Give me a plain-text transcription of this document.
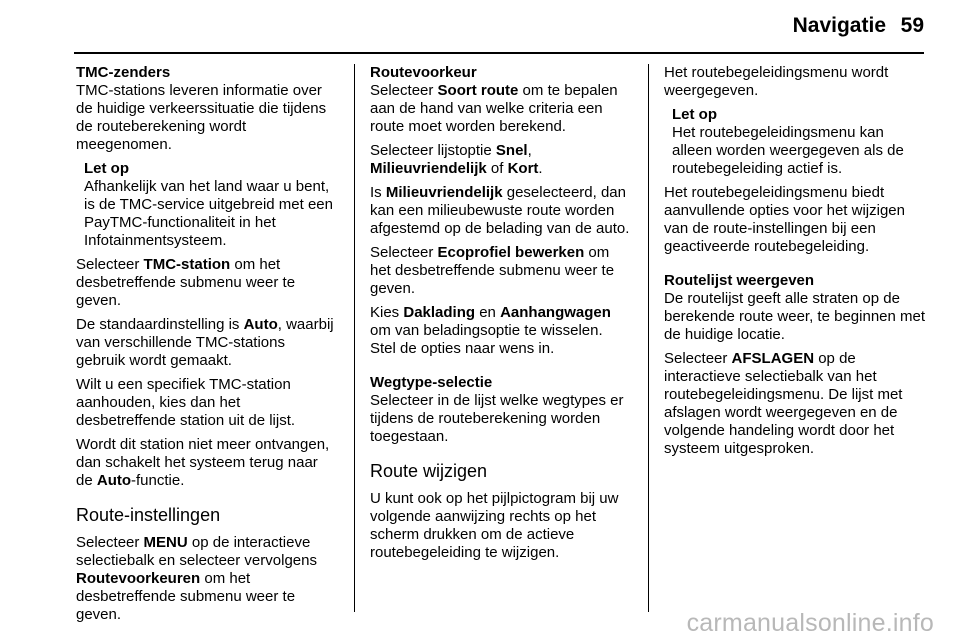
Navigatie 59

TMC-zenders
TMC-stations leveren informatie over de huidige verkeerssituatie die tijdens de routeberekening wordt meegenomen.

Let op
Afhankelijk van het land waar u bent, is de TMC-service uitgebreid met een PayTMC-functionaliteit in het Infotainmentsysteem.

Selecteer TMC-station om het desbetreffende submenu weer te geven.

De standaardinstelling is Auto, waarbij van verschillende TMC-stations gebruik wordt gemaakt.

Wilt u een specifiek TMC-station aanhouden, kies dan het desbetreffende station uit de lijst.

Wordt dit station niet meer ontvangen, dan schakelt het systeem terug naar de Auto-functie.

Route-instellingen

Selecteer MENU op de interactieve selectiebalk en selecteer vervolgens Routevoorkeuren om het desbetreffende submenu weer te geven.

Routevoorkeur
Selecteer Soort route om te bepalen aan de hand van welke criteria een route moet worden berekend.

Selecteer lijstoptie Snel, Milieuvriendelijk of Kort.

Is Milieuvriendelijk geselecteerd, dan kan een milieubewuste route worden afgestemd op de belading van de auto.

Selecteer Ecoprofiel bewerken om het desbetreffende submenu weer te geven.

Kies Daklading en Aanhangwagen om van beladingsoptie te wisselen. Stel de opties naar wens in.

Wegtype-selectie
Selecteer in de lijst welke wegtypes er tijdens de routeberekening worden toegestaan.

Route wijzigen

U kunt ook op het pijlpictogram bij uw volgende aanwijzing rechts op het scherm drukken om de actieve routebegeleiding te wijzigen.

Het routebegeleidingsmenu wordt weergegeven.

Let op
Het routebegeleidingsmenu kan alleen worden weergegeven als de routebegeleiding actief is.

Het routebegeleidingsmenu biedt aanvullende opties voor het wijzigen van de route-instellingen bij een geactiveerde routebegeleiding.

Routelijst weergeven
De routelijst geeft alle straten op de berekende route weer, te beginnen met de huidige locatie.

Selecteer AFSLAGEN op de interactieve selectiebalk van het routebegeleidingsmenu. De lijst met afslagen wordt weergegeven en de volgende handeling wordt door het systeem uitgesproken.

carmanualsonline.info
